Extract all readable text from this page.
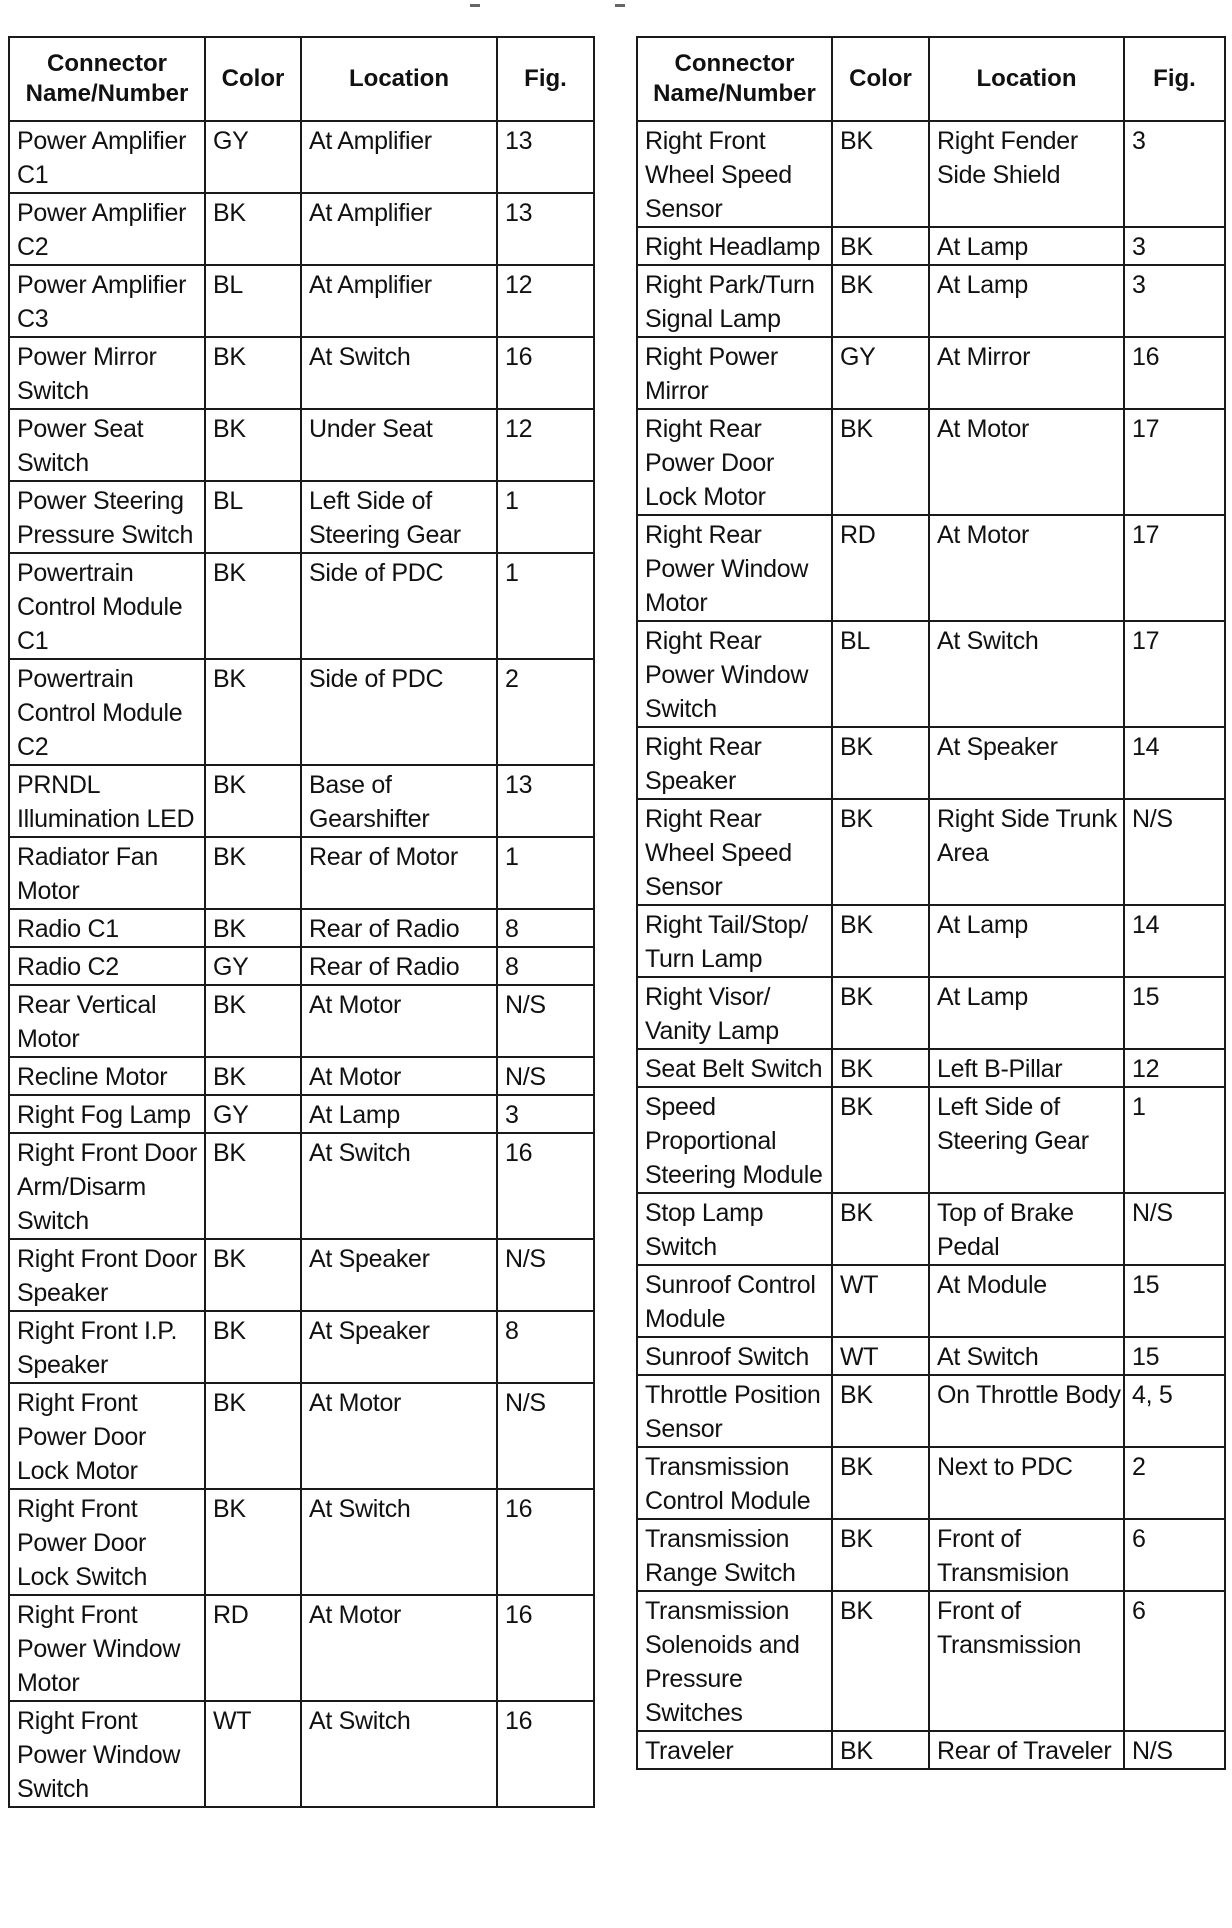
Connector Name/Number	Color	Location	Fig.
Power Amplifier C1	GY	At Amplifier	13
Power Amplifier C2	BK	At Amplifier	13
Power Amplifier C3	BL	At Amplifier	12
Power Mirror Switch	BK	At Switch	16
Power Seat Switch	BK	Under Seat	12
Power Steering Pressure Switch	BL	Left Side of Steering Gear	1
Powertrain Control Module C1	BK	Side of PDC	1
Powertrain Control Module C2	BK	Side of PDC	2
PRNDL Illumination LED	BK	Base of Gearshifter	13
Radiator Fan Motor	BK	Rear of Motor	1
Radio C1	BK	Rear of Radio	8
Radio C2	GY	Rear of Radio	8
Rear Vertical Motor	BK	At Motor	N/S
Recline Motor	BK	At Motor	N/S
Right Fog Lamp	GY	At Lamp	3
Right Front Door Arm/Disarm Switch	BK	At Switch	16
Right Front Door Speaker	BK	At Speaker	N/S
Right Front I.P. Speaker	BK	At Speaker	8
Right Front Power Door Lock Motor	BK	At Motor	N/S
Right Front Power Door Lock Switch	BK	At Switch	16
Right Front Power Window Motor	RD	At Motor	16
Right Front Power Window Switch	WT	At Switch	16
Connector Name/Number	Color	Location	Fig.
Right Front Wheel Speed Sensor	BK	Right Fender Side Shield	3
Right Headlamp	BK	At Lamp	3
Right Park/Turn Signal Lamp	BK	At Lamp	3
Right Power Mirror	GY	At Mirror	16
Right Rear Power Door Lock Motor	BK	At Motor	17
Right Rear Power Window Motor	RD	At Motor	17
Right Rear Power Window Switch	BL	At Switch	17
Right Rear Speaker	BK	At Speaker	14
Right Rear Wheel Speed Sensor	BK	Right Side Trunk Area	N/S
Right Tail/Stop/ Turn Lamp	BK	At Lamp	14
Right Visor/ Vanity Lamp	BK	At Lamp	15
Seat Belt Switch	BK	Left B-Pillar	12
Speed Proportional Steering Module	BK	Left Side of Steering Gear	1
Stop Lamp Switch	BK	Top of Brake Pedal	N/S
Sunroof Control Module	WT	At Module	15
Sunroof Switch	WT	At Switch	15
Throttle Position Sensor	BK	On Throttle Body	4, 5
Transmission Control Module	BK	Next to PDC	2
Transmission Range Switch	BK	Front of Transmision	6
Transmission Solenoids and Pressure Switches	BK	Front of Transmission	6
Traveler	BK	Rear of Traveler	N/S
